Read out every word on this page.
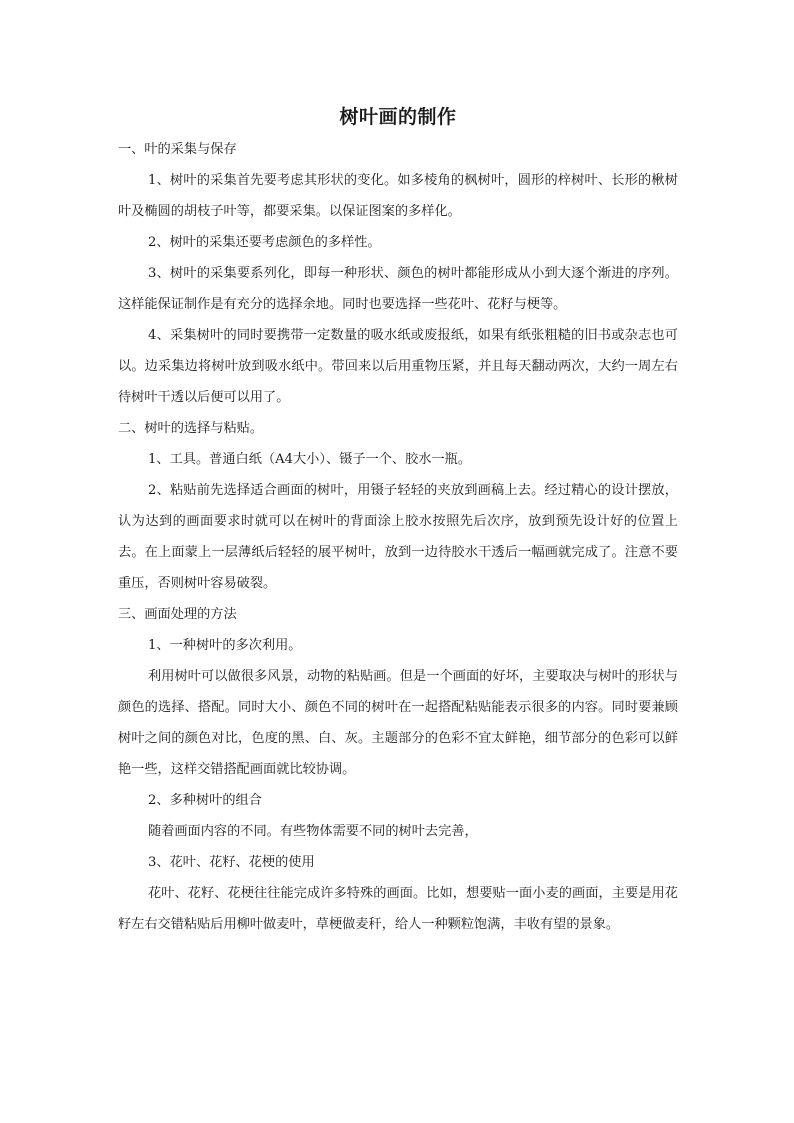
树叶画的制作

一、叶的采集与保存

1、树叶的采集首先要考虑其形状的变化。如多棱角的枫树叶，圆形的梓树叶、长形的楸树叶及椭圆的胡枝子叶等，都要采集。以保证图案的多样化。

2、树叶的采集还要考虑颜色的多样性。

3、树叶的采集要系列化，即每一种形状、颜色的树叶都能形成从小到大逐个渐进的序列。这样能保证制作是有充分的选择余地。同时也要选择一些花叶、花籽与梗等。

4、采集树叶的同时要携带一定数量的吸水纸或废报纸，如果有纸张粗糙的旧书或杂志也可以。边采集边将树叶放到吸水纸中。带回来以后用重物压紧，并且每天翻动两次，大约一周左右待树叶干透以后便可以用了。

二、树叶的选择与粘贴。

1、工具。普通白纸（A4大小）、镊子一个、胶水一瓶。

2、粘贴前先选择适合画面的树叶，用镊子轻轻的夹放到画稿上去。经过精心的设计摆放，认为达到的画面要求时就可以在树叶的背面涂上胶水按照先后次序，放到预先设计好的位置上去。在上面蒙上一层薄纸后轻轻的展平树叶，放到一边待胶水干透后一幅画就完成了。注意不要重压，否则树叶容易破裂。

三、画面处理的方法

1、一种树叶的多次利用。

利用树叶可以做很多风景，动物的粘贴画。但是一个画面的好坏，主要取决与树叶的形状与颜色的选择、搭配。同时大小、颜色不同的树叶在一起搭配粘贴能表示很多的内容。同时要兼顾树叶之间的颜色对比，色度的黑、白、灰。主题部分的色彩不宜太鲜艳，细节部分的色彩可以鲜艳一些，这样交错搭配画面就比较协调。

2、多种树叶的组合

随着画面内容的不同。有些物体需要不同的树叶去完善，

3、花叶、花籽、花梗的使用

花叶、花籽、花梗往往能完成许多特殊的画面。比如，想要贴一面小麦的画面，主要是用花籽左右交错粘贴后用柳叶做麦叶，草梗做麦秆，给人一种颗粒饱满，丰收有望的景象。
